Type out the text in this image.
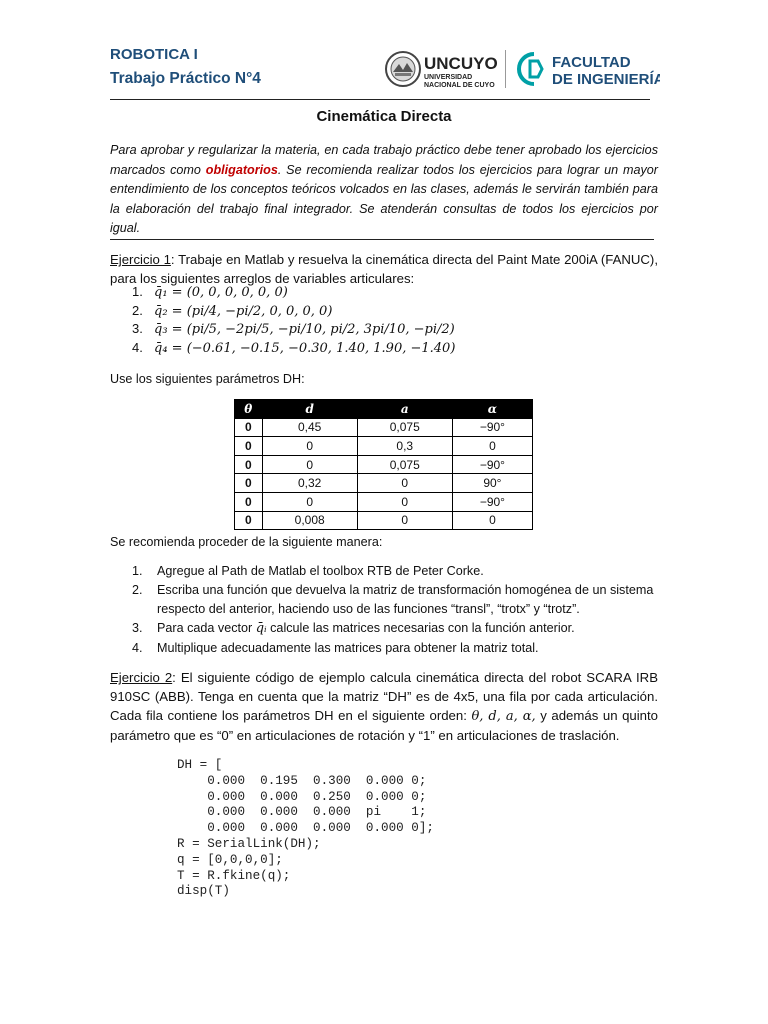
ROBOTICA I
Trabajo Práctico N°4
UNCUYO
UNIVERSIDAD
NACIONAL DE CUYO
FACULTAD
DE INGENIERÍA
Cinemática Directa
Para aprobar y regularizar la materia, en cada trabajo práctico debe tener aprobado los ejercicios marcados como obligatorios. Se recomienda realizar todos los ejercicios para lograr un mayor entendimiento de los conceptos teóricos volcados en las clases, además le servirán también para la elaboración del trabajo final integrador. Se atenderán consultas de todos los ejercicios por igual.
Ejercicio 1: Trabaje en Matlab y resuelva la cinemática directa del Paint Mate 200iA (FANUC), para los siguientes arreglos de variables articulares:
1. q̄₁ = (0, 0, 0, 0, 0, 0)
2. q̄₂ = (pi/4, −pi/2, 0, 0, 0, 0)
3. q̄₃ = (pi/5, −2pi/5, −pi/10, pi/2, 3pi/10, −pi/2)
4. q̄₄ = (−0.61, −0.15, −0.30, 1.40, 1.90, −1.40)
Use los siguientes parámetros DH:
θ	d	a	α
0	0,45	0,075	−90°
0	0	0,3	0
0	0	0,075	−90°
0	0,32	0	90°
0	0	0	−90°
0	0,008	0	0
Se recomienda proceder de la siguiente manera:
1. Agregue al Path de Matlab el toolbox RTB de Peter Corke.
2. Escriba una función que devuelva la matriz de transformación homogénea de un sistema respecto del anterior, haciendo uso de las funciones “transl”, “trotx” y “trotz”.
3. Para cada vector q̄ᵢ calcule las matrices necesarias con la función anterior.
4. Multiplique adecuadamente las matrices para obtener la matriz total.
Ejercicio 2: El siguiente código de ejemplo calcula cinemática directa del robot SCARA IRB 910SC (ABB). Tenga en cuenta que la matriz “DH” es de 4x5, una fila por cada articulación. Cada fila contiene los parámetros DH en el siguiente orden: θ, d, a, α, y además un quinto parámetro que es “0” en articulaciones de rotación y “1” en articulaciones de traslación.
DH = [
0.000  0.195  0.300  0.000 0;
0.000  0.000  0.250  0.000 0;
0.000  0.000  0.000  pi    1;
0.000  0.000  0.000  0.000 0];
R = SerialLink(DH);
q = [0,0,0,0];
T = R.fkine(q);
disp(T)
